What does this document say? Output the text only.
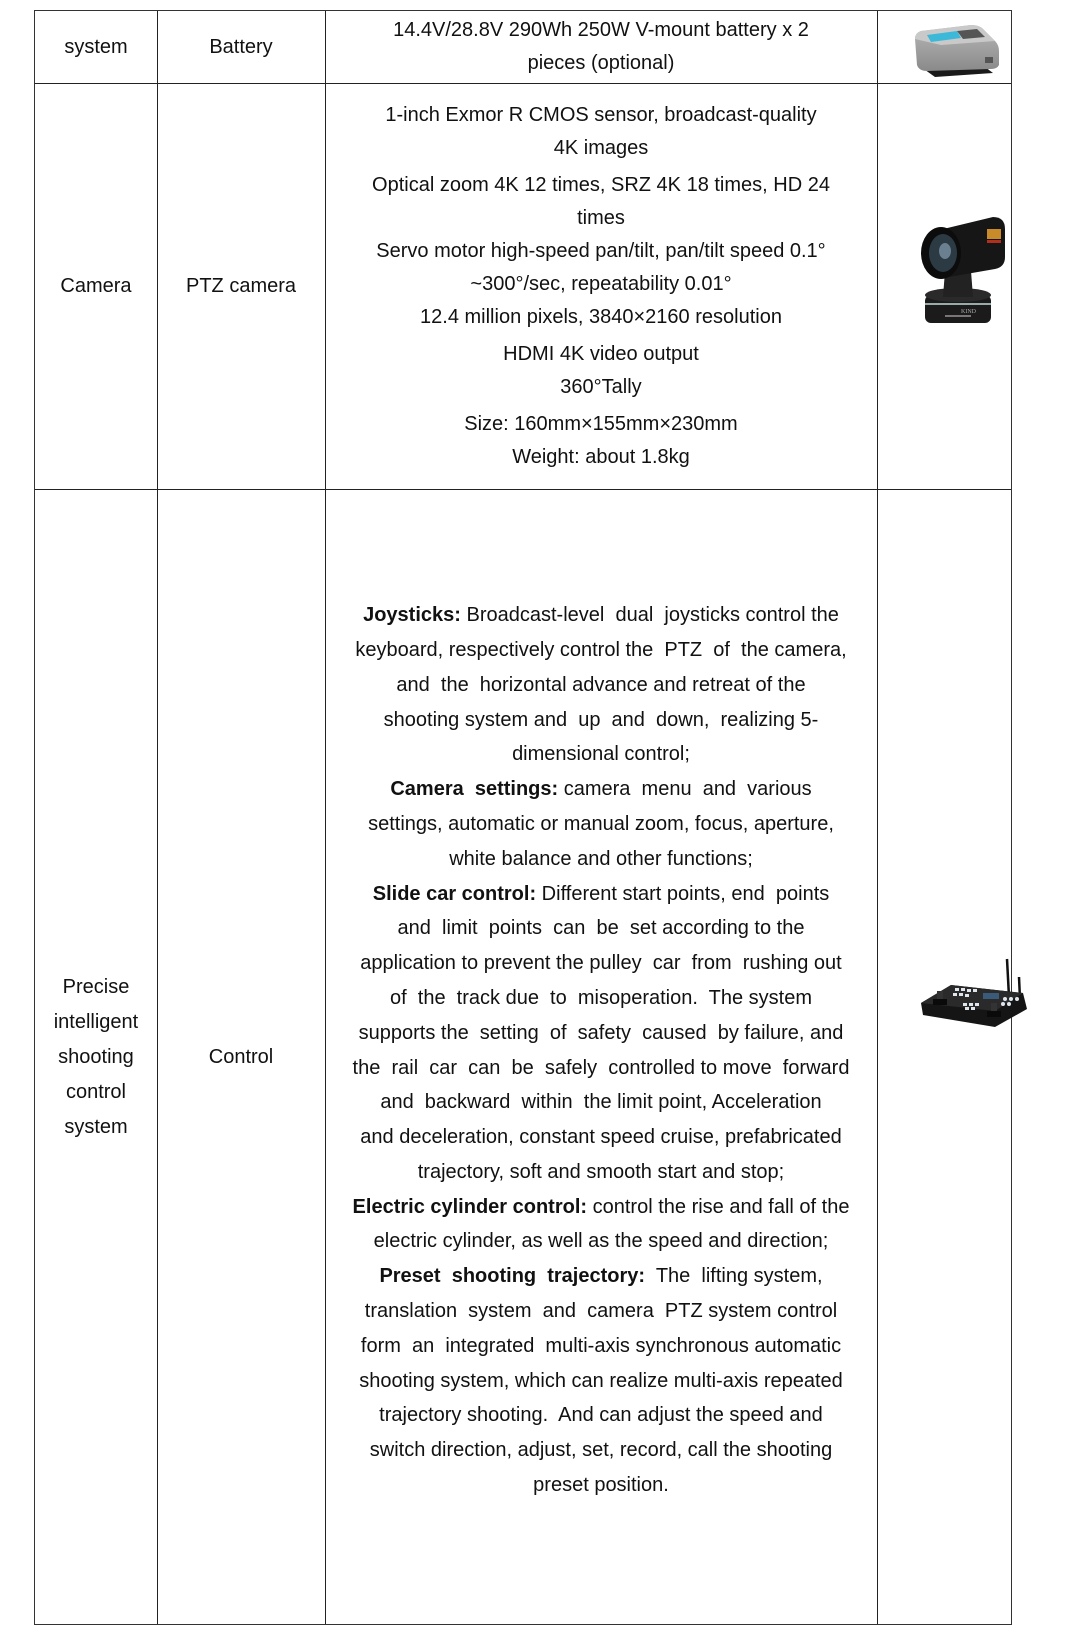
system	Battery

14.4V/28.8V 290Wh 250W V-mount battery x 2

pieces (optional)

Camera	PTZ camera

1-inch Exmor R CMOS sensor, broadcast-quality

4K images

Optical zoom 4K 12 times, SRZ 4K 18 times, HD 24

times

Servo motor high-speed pan/tilt, pan/tilt speed 0.1°

~300°/sec, repeatability 0.01°

12.4 million pixels, 3840×2160 resolution

HDMI 4K video output

360°Tally

Size: 160mm×155mm×230mm

Weight: about 1.8kg

KIND

Precise

intelligent

shooting

control

system

Control
Joysticks: Broadcast-level  dual  joysticks control the
keyboard, respectively control the  PTZ  of  the camera,
and  the  horizontal advance and retreat of the
shooting system and  up  and  down,  realizing 5-
dimensional control;
Camera  settings: camera  menu  and  various
settings, automatic or manual zoom, focus, aperture,
white balance and other functions;
Slide car control: Different start points, end  points
and  limit  points  can  be  set according to the
application to prevent the pulley  car  from  rushing out
of  the  track due  to  misoperation.  The system
supports the  setting  of  safety  caused  by failure, and
the  rail  car  can  be  safely  controlled to move  forward
and  backward  within  the limit point, Acceleration
and deceleration, constant speed cruise, prefabricated
trajectory, soft and smooth start and stop;
Electric cylinder control: control the rise and fall of the
electric cylinder, as well as the speed and direction;
Preset  shooting  trajectory:  The  lifting system,
translation  system  and  camera  PTZ system control
form  an  integrated  multi-axis synchronous automatic
shooting system, which can realize multi-axis repeated
trajectory shooting.  And can adjust the speed and
switch direction, adjust, set, record, call the shooting
preset position.
